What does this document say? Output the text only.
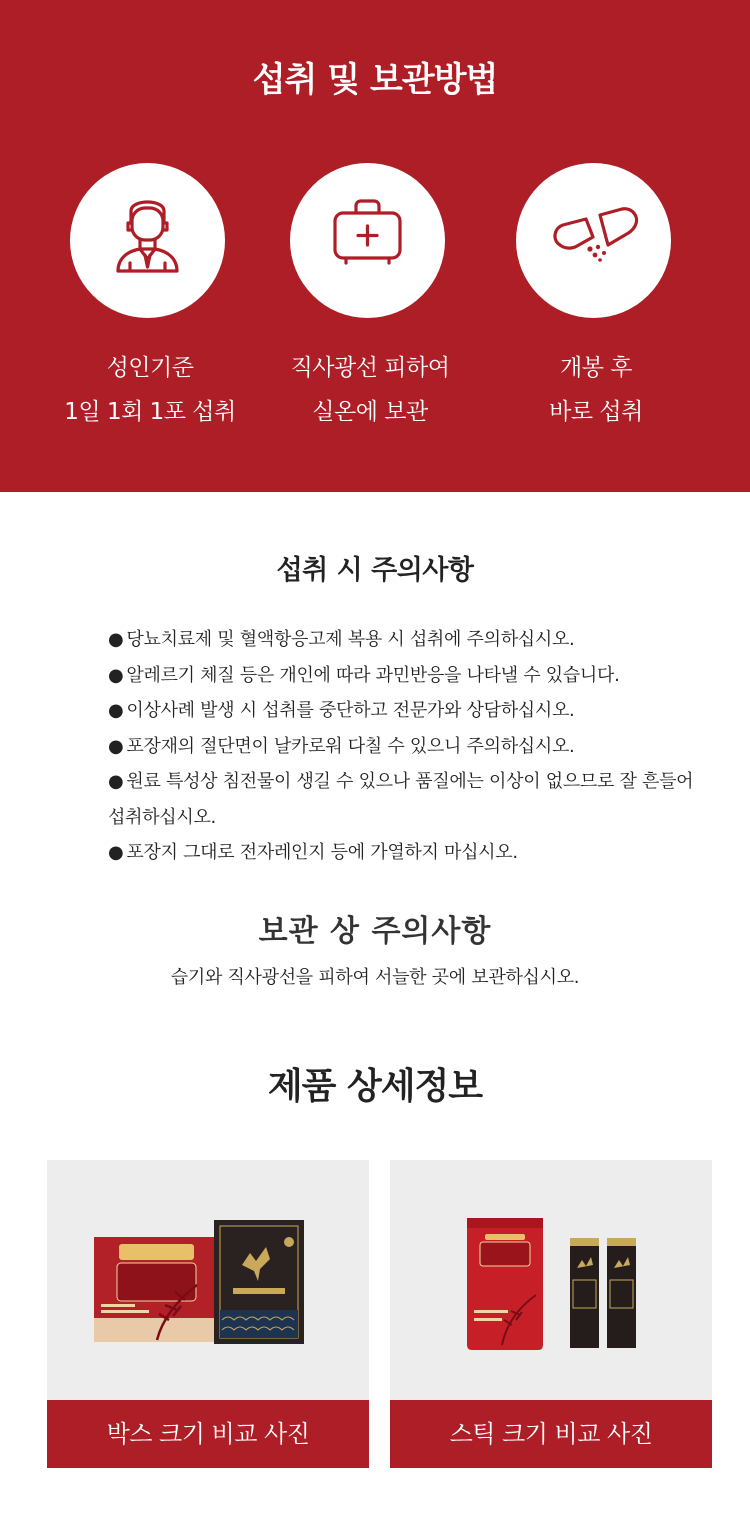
섭취 및 보관방법
성인기준
1일 1회 1포 섭취
직사광선 피하여
실온에 보관
개봉 후
바로 섭취
섭취 시 주의사항
● 당뇨치료제 및 혈액항응고제 복용 시 섭취에 주의하십시오.
● 알레르기 체질 등은 개인에 따라 과민반응을 나타낼 수 있습니다.
● 이상사례 발생 시 섭취를 중단하고 전문가와 상담하십시오.
● 포장재의 절단면이 날카로워 다칠 수 있으니 주의하십시오.
● 원료 특성상 침전물이 생길 수 있으나 품질에는 이상이 없으므로 잘 흔들어 섭취하십시오.
● 포장지 그대로 전자레인지 등에 가열하지 마십시오.
보관 상 주의사항

습기와 직사광선을 피하여 서늘한 곳에 보관하십시오.

제품 상세정보
박스 크기 비교 사진	스틱 크기 비교 사진
